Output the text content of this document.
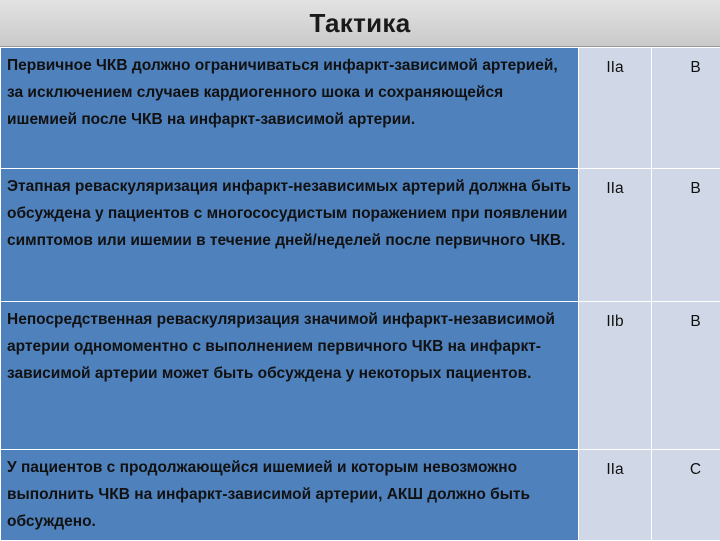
Тактика
Первичное ЧКВ должно ограничиваться инфаркт-зависимой артерией, за исключением случаев кардиогенного шока и сохраняющейся ишемией после ЧКВ на инфаркт-зависимой артерии.	IIa	B
Этапная реваскуляризация инфаркт-независимых артерий должна быть обсуждена у пациентов с многососудистым поражением при появлении симптомов или ишемии в течение дней/неделей после первичного ЧКВ.	IIa	B
Непосредственная реваскуляризация значимой инфаркт-независимой артерии одномоментно с выполнением первичного ЧКВ на инфаркт-зависимой артерии может быть обсуждена у некоторых пациентов.	IIb	B
У пациентов с продолжающейся ишемией и которым невозможно выполнить ЧКВ на инфаркт-зависимой артерии, АКШ должно быть обсуждено.	IIa	C
